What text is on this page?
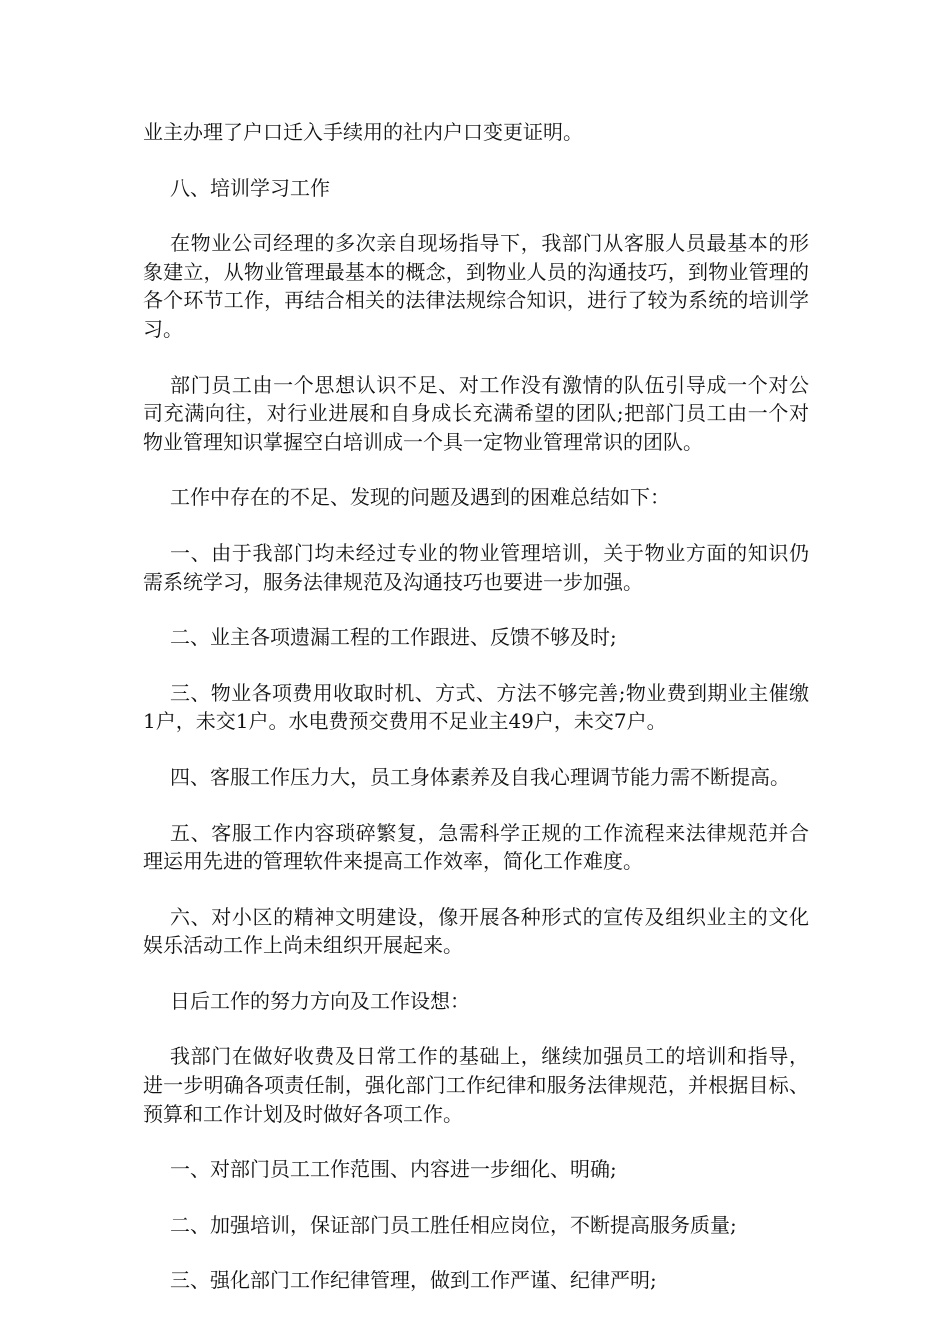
业主办理了户口迁入手续用的社内户口变更证明。

八、培训学习工作

在物业公司经理的多次亲自现场指导下，我部门从客服人员最基本的形象建立，从物业管理最基本的概念，到物业人员的沟通技巧，到物业管理的各个环节工作，再结合相关的法律法规综合知识，进行了较为系统的培训学习。

部门员工由一个思想认识不足、对工作没有激情的队伍引导成一个对公司充满向往，对行业进展和自身成长充满希望的团队;把部门员工由一个对物业管理知识掌握空白培训成一个具一定物业管理常识的团队。

工作中存在的不足、发现的问题及遇到的困难总结如下：

一、由于我部门均未经过专业的物业管理培训，关于物业方面的知识仍需系统学习，服务法律规范及沟通技巧也要进一步加强。

二、业主各项遗漏工程的工作跟进、反馈不够及时;

三、物业各项费用收取时机、方式、方法不够完善;物业费到期业主催缴1户，未交1户。水电费预交费用不足业主49户，未交7户。

四、客服工作压力大，员工身体素养及自我心理调节能力需不断提高。

五、客服工作内容琐碎繁复，急需科学正规的工作流程来法律规范并合理运用先进的管理软件来提高工作效率，简化工作难度。

六、对小区的精神文明建设，像开展各种形式的宣传及组织业主的文化娱乐活动工作上尚未组织开展起来。

日后工作的努力方向及工作设想：

我部门在做好收费及日常工作的基础上，继续加强员工的培训和指导，进一步明确各项责任制，强化部门工作纪律和服务法律规范，并根据目标、预算和工作计划及时做好各项工作。

一、对部门员工工作范围、内容进一步细化、明确;

二、加强培训，保证部门员工胜任相应岗位，不断提高服务质量;

三、强化部门工作纪律管理，做到工作严谨、纪律严明;
